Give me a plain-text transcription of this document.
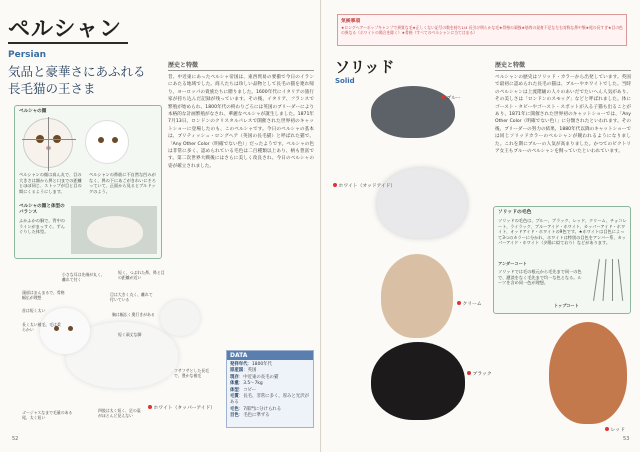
ペルシャン
Persian
気品と豪華さにあふれる
長毛猫の王さま
歴史と特徴
昔、中近東にあったペルシャ帝国は、東西貿易の要衝で今日のイランにあたる地域でした。商人たちは珍しい品物として長毛の猫を連れ帰り、ヨーロッパの貴族たちに贈りました。1600年代にイタリアの旅行家が持ち込んだ記録が残っています。その後、イタリア、フランスで繁殖が始められ、1800年代の終わりごろには英国のブリーダーにより本格的な計画繁殖がなされ、華麗なペルシャが誕生しました。1871年7月13日、ロンドンのクリスタルパレスで開催された世界初のキャットショーに登場したのも、このペルシャです。今日のペルシャの基本は、ブリティッシュ・ロングヘア（英国の長毛猫）と呼ばれた猫で、「Any Other Color（明確でない色）」だったようです。ペルシャの色は非常に多く、認められている毛色は二百種類以上あり、柄も豊富です。第二次世界大戦後にはさらに美しく改良され、今日のペルシャの姿が確立されました。
ペルシャの顔
ペルシャンの顔は真ん丸で、目の大きさは額から鼻と口までの距離とほぼ同じ、ストップが目と目の間にくるようにします。
ペルシャンの鼻筋に不自然な凹みがなく、鼻の下にあごがきれいにそろっていて、正面から見るとブルドッグのよう。
ペルシャの顔と体型のバランス
ふかふかの胴で、背中のラインがまっすぐ。ずんぐりした体型。
頭部はまんまるで、骨格幅広が理想
小さな耳は先端が丸く、離れて付く
目は大きく丸く、離れて付いている
短く、つぶれた鼻、鼻と目の距離が近い
首は短く太い
胸は幅広く奥行きがある
短く頑丈な脚
フサフサとした長毛で、豊かな被毛
四肢は太く短く、足の裏がほとんど見えない
ゴージャスなまで毛量のある尾、太く短い
長く太い被毛、毛は柔らかい
ホワイト（タッパーアイド）
DATA
発祥年代：1800年代
原産国：英国
現存：中近東の長毛の猫
体重：3.5〜7kg
体型：コビー
毛質：長毛、非常に多く、厚みと光沢がある
毛色：7部門に分けられる
目色：毛色に準ずる
52
気候事項
★ロングヘアーポップキャンプで異質な毛★正しくない記号の数を持ち1/4 長引け明らかな毛★骨格の頑強★筋肉の発育不足な左右対称な鼻や顎★尾の長すぎ★目の色の異なる（ホワイトの場合を除く）★骨格（すべてのペルシャンに当てはまる）
ソリッド
Solid
ブルー
ホワイト（オッドアイド）
クリーム
ブラック
レッド
歴史と特徴
ペルシャンの歴史はソリッド・カラーから出発しています。英国で最初に認められた長毛の猫は、ブルーやホワイトでした。当時のペルシャンは上流階級の人々のあいだでたいへん人気があり、その美しさは「ロンドンのスモッグ」などと呼ばれました。体にゴースト・タビーやゴースト・スポットが入る子猫も出ることがあり、1871年に開催された世界初のキャットショーでは、「Any Other Color（明確でない色）」に分類されたといわれます。その後、ブリーダーの努力の結果、1880年代以降のキャットショーでは同じソリッドカラーのペルシャンが競われるようになりました。これを期にブルーの人気が高まりました。かつてのビクトリア女王もブルーのペルシャンを飼っていたといわれています。
ソリッドの毛色
ソリッドの毛色は、ブルー、ブラック、レッド、クリーム、チョコレート、ライラック、ブルーアイド・ホワイト、カッパーアイド・ホワイト、オッドアイド・ホワイトの9色です。★ホワイトは目色によって3つのカラーに分かれ、ホワイトは特別の目色をアンバー系、カッパーアイド・ホワイト（夕陽に似ており）などがあります。
アンダーコート
ソリッドでは毛の根元から毛先まで同一の色で、濃淡をなく毛先まで均一な色となる。ルーツを含め同一色が理想。
トップコート
53
